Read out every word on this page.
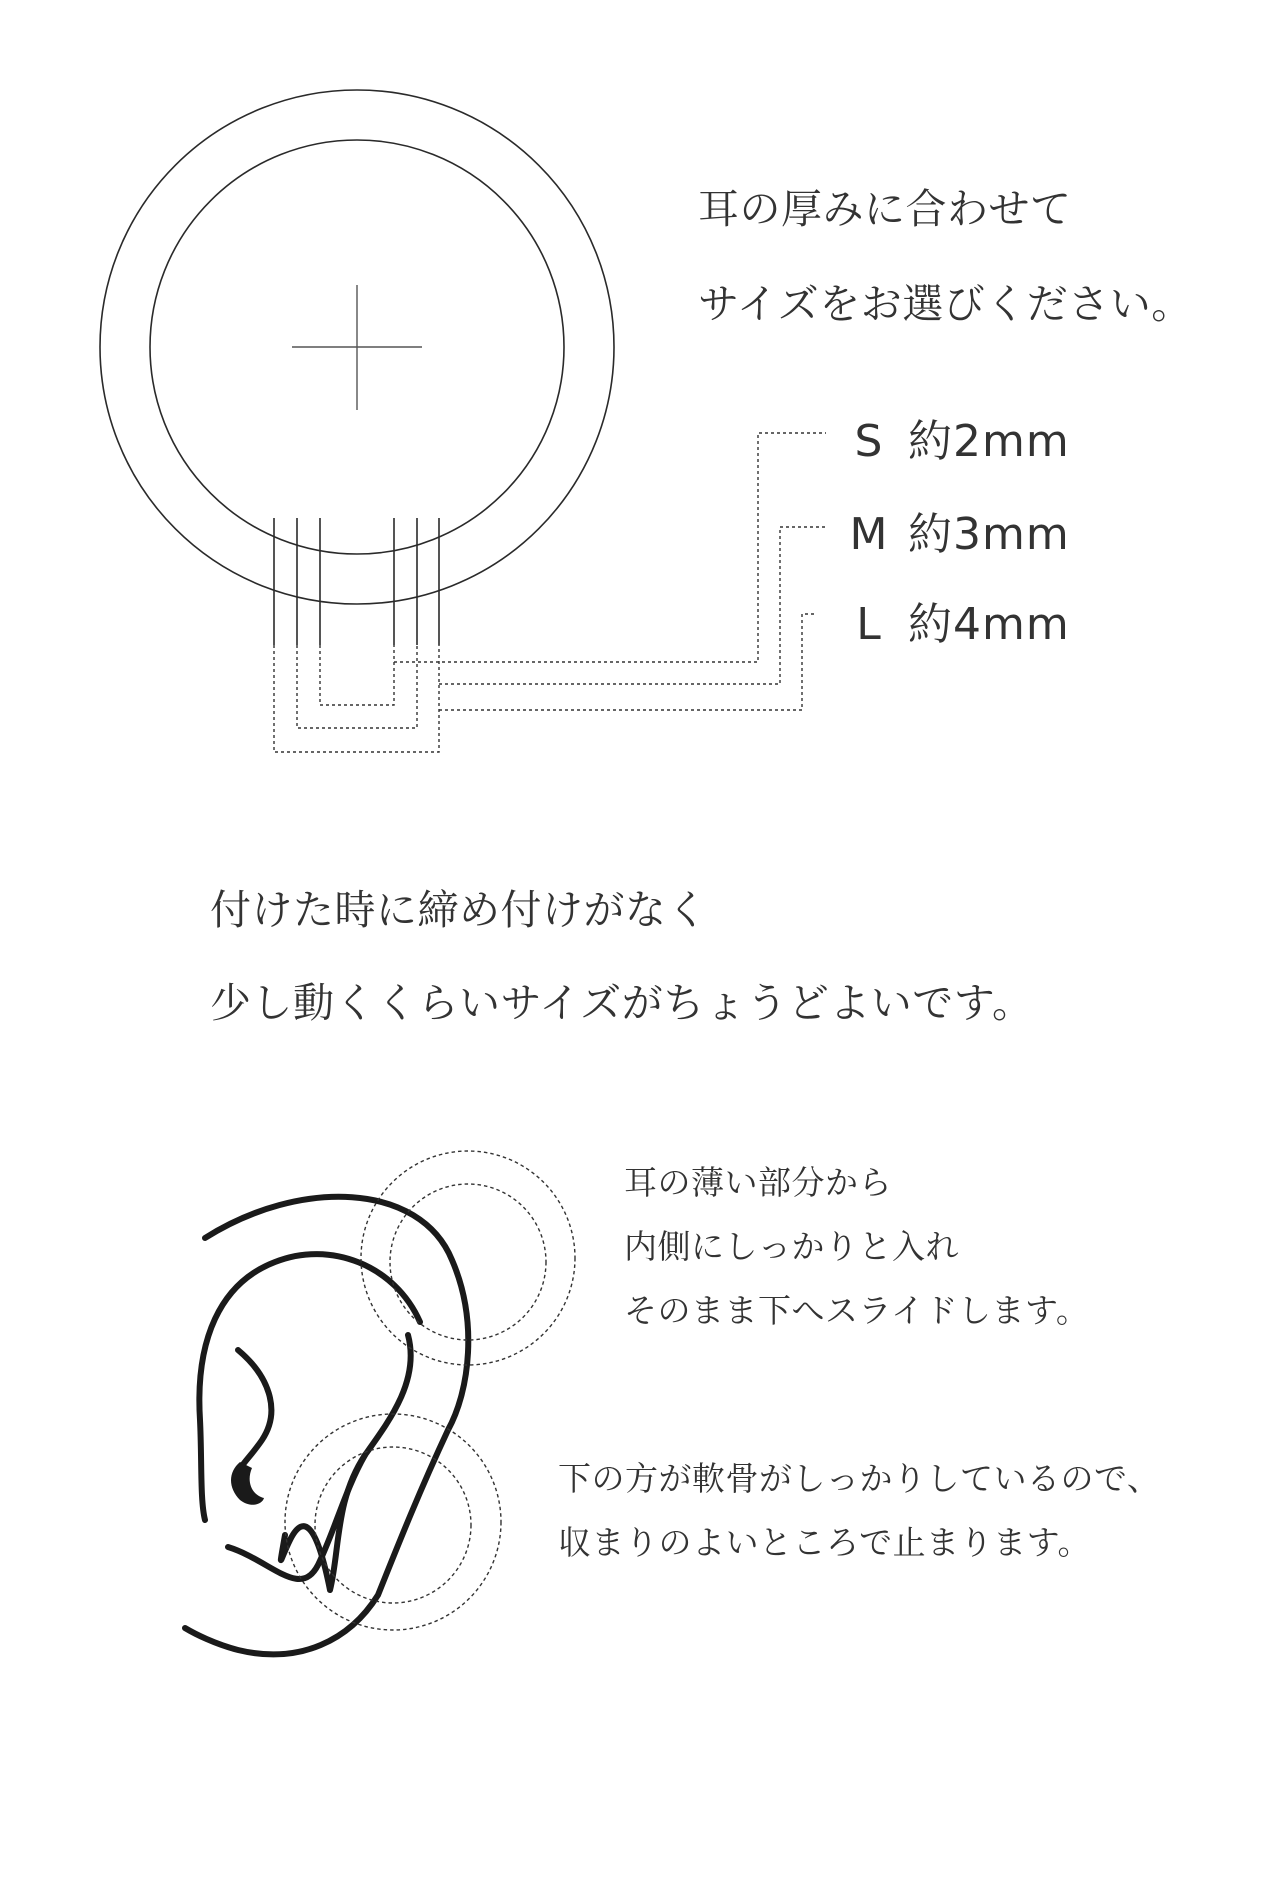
耳の厚みに合わせて
サイズをお選びください。
S 約2mm
M 約3mm
L 約4mm
付けた時に締め付けがなく
少し動くくらいサイズがちょうどよいです。
耳の薄い部分から
内側にしっかりと入れ
そのまま下へスライドします。
下の方が軟骨がしっかりしているので、
収まりのよいところで止まります。
